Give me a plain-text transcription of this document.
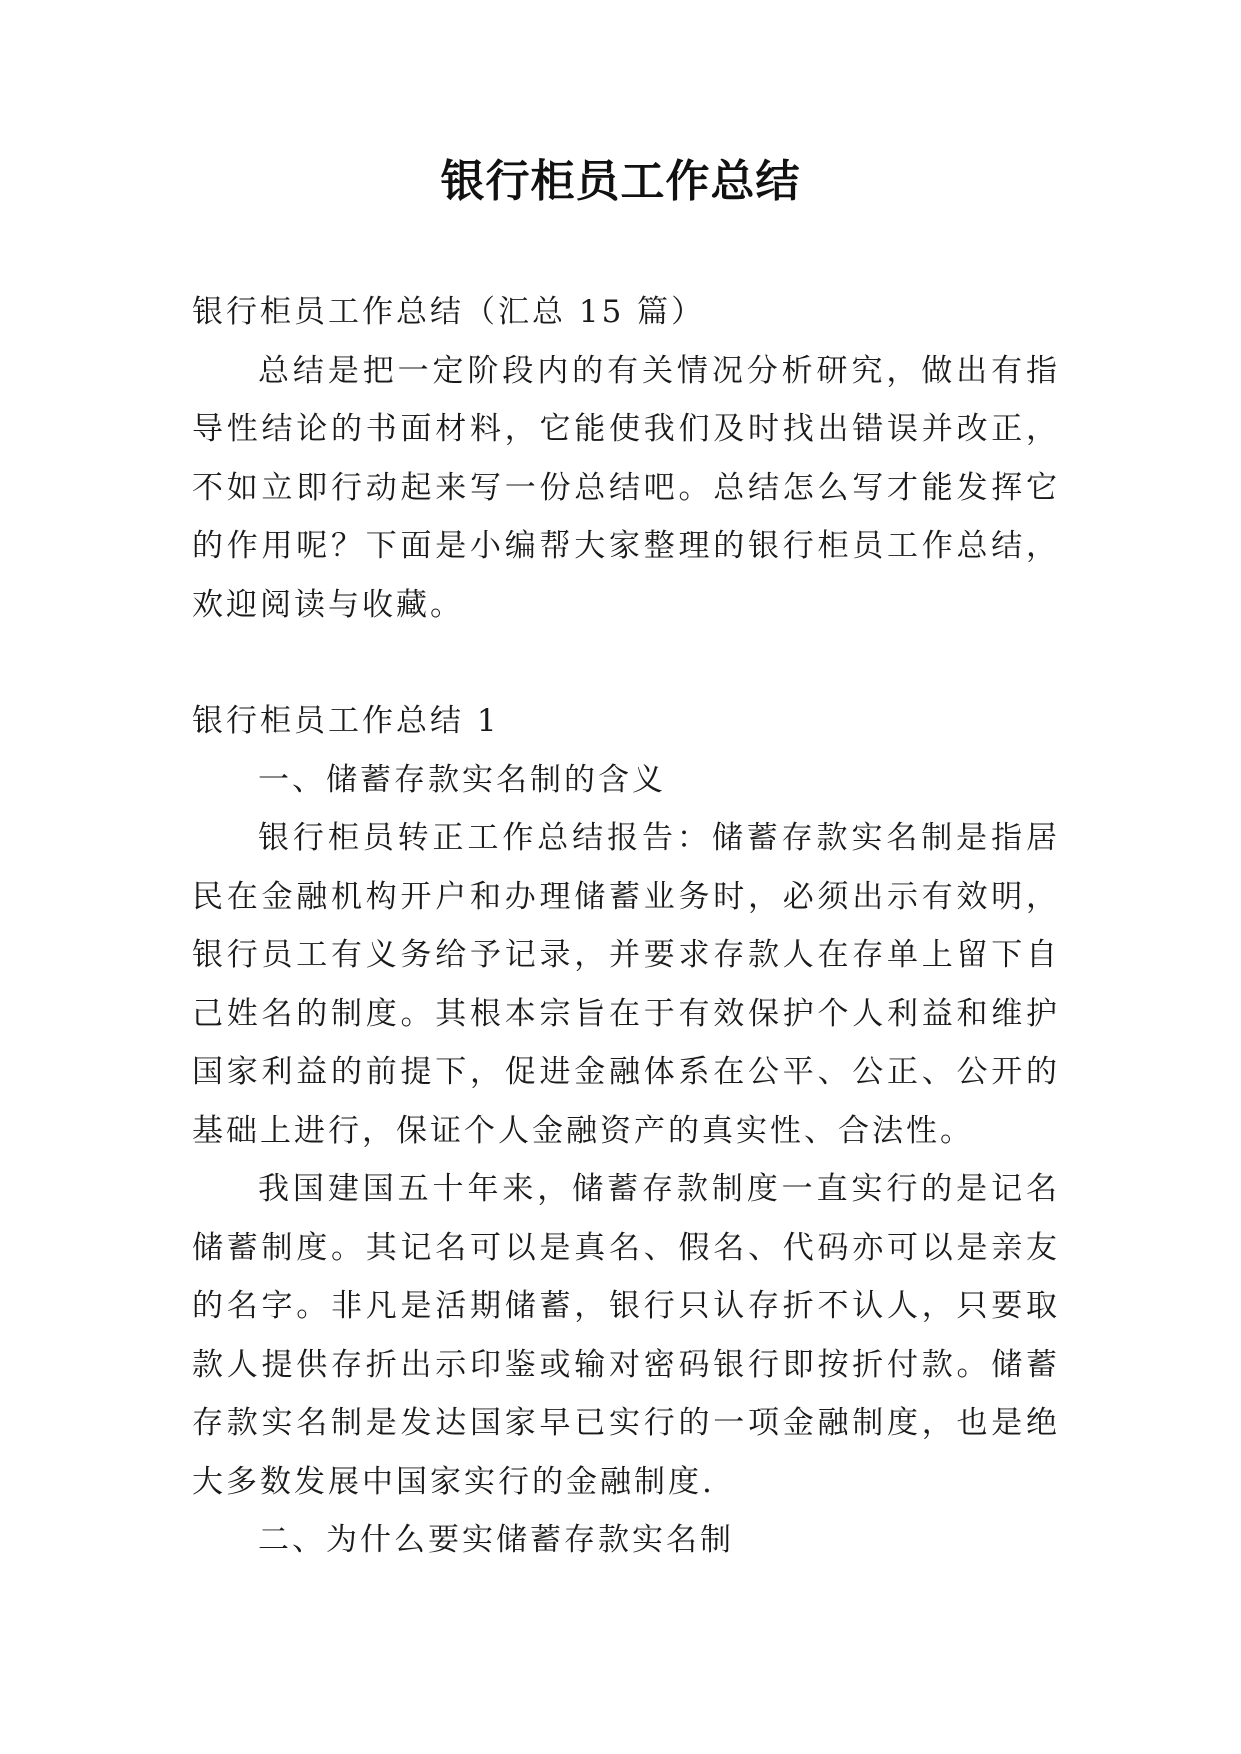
银行柜员工作总结

银行柜员工作总结（汇总 15 篇）

总结是把一定阶段内的有关情况分析研究，做出有指导性结论的书面材料，它能使我们及时找出错误并改正，不如立即行动起来写一份总结吧。总结怎么写才能发挥它的作用呢？下面是小编帮大家整理的银行柜员工作总结，欢迎阅读与收藏。

银行柜员工作总结 1

一、储蓄存款实名制的含义

银行柜员转正工作总结报告：储蓄存款实名制是指居民在金融机构开户和办理储蓄业务时，必须出示有效明，银行员工有义务给予记录，并要求存款人在存单上留下自己姓名的制度。其根本宗旨在于有效保护个人利益和维护国家利益的前提下，促进金融体系在公平、公正、公开的基础上进行，保证个人金融资产的真实性、合法性。

我国建国五十年来，储蓄存款制度一直实行的是记名储蓄制度。其记名可以是真名、假名、代码亦可以是亲友的名字。非凡是活期储蓄，银行只认存折不认人，只要取款人提供存折出示印鉴或输对密码银行即按折付款。储蓄存款实名制是发达国家早已实行的一项金融制度，也是绝大多数发展中国家实行的金融制度.

二、为什么要实储蓄存款实名制
